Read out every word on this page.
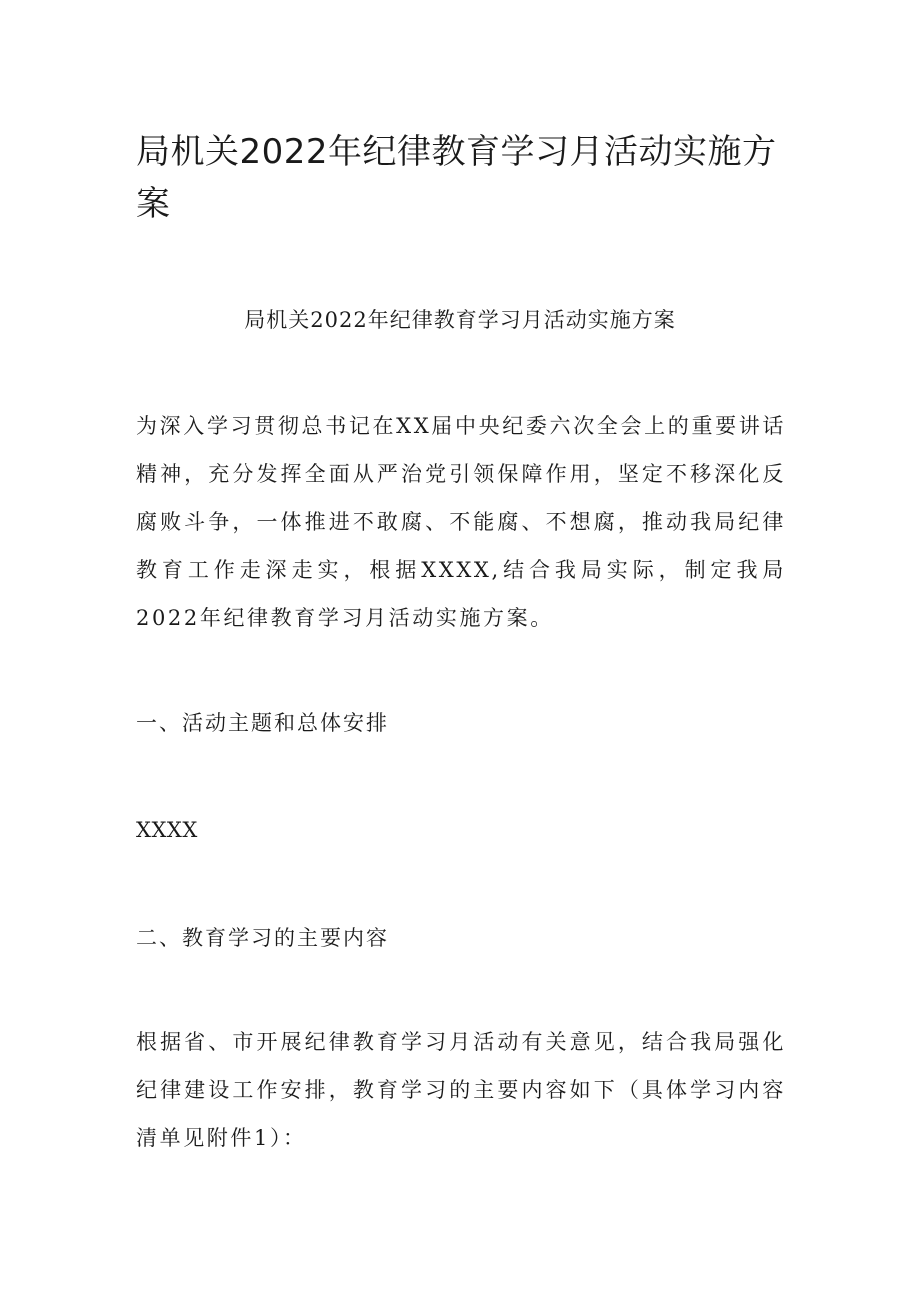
局机关2022年纪律教育学习月活动实施方案
局机关2022年纪律教育学习月活动实施方案

为深入学习贯彻总书记在XX届中央纪委六次全会上的重要讲话精神，充分发挥全面从严治党引领保障作用，坚定不移深化反腐败斗争，一体推进不敢腐、不能腐、不想腐，推动我局纪律教育工作走深走实，根据XXXX,结合我局实际，制定我局2022年纪律教育学习月活动实施方案。

一、活动主题和总体安排

XXXX

二、教育学习的主要内容

根据省、市开展纪律教育学习月活动有关意见，结合我局强化纪律建设工作安排，教育学习的主要内容如下（具体学习内容清单见附件1）：
